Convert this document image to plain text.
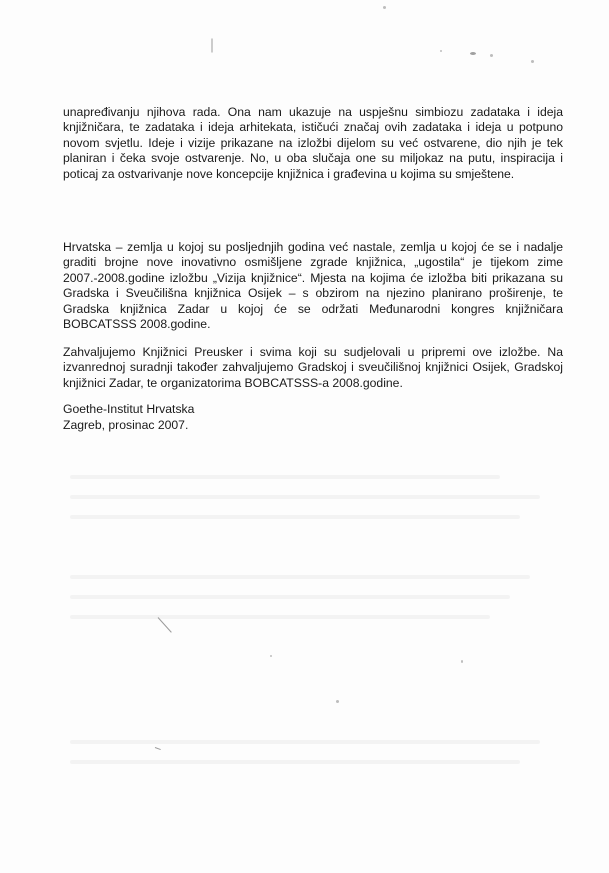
unapređivanju njihova rada. Ona nam ukazuje na uspješnu simbiozu zadataka i ideja knjižničara, te zadataka i ideja arhitekata, ističući značaj ovih zadataka i ideja u potpuno novom svjetlu. Ideje i vizije prikazane na izložbi dijelom su već ostvarene, dio njih je tek planiran i čeka svoje ostvarenje. No, u oba slučaja one su miljokaz na putu, inspiracija i poticaj za ostvarivanje nove koncepcije knjižnica i građevina u kojima su smještene.

Hrvatska – zemlja u kojoj su posljednjih godina već nastale, zemlja u kojoj će se i nadalje graditi brojne nove inovativno osmišljene zgrade knjižnica, „ugostila“ je tijekom zime 2007.-2008.godine izložbu „Vizija knjižnice“. Mjesta na kojima će izložba biti prikazana su Gradska i Sveučilišna knjižnica Osijek – s obzirom na njezino planirano proširenje, te Gradska knjižnica Zadar u kojoj će se održati Međunarodni kongres knjižničara BOBCATSSS 2008.godine.

Zahvaljujemo Knjižnici Preusker i svima koji su sudjelovali u pripremi ove izložbe. Na izvanrednoj suradnji također zahvaljujemo Gradskoj i sveučilišnoj knjižnici Osijek, Gradskoj knjižnici Zadar, te organizatorima BOBCATSSS-a 2008.godine.

Goethe-Institut Hrvatska

Zagreb, prosinac 2007.
